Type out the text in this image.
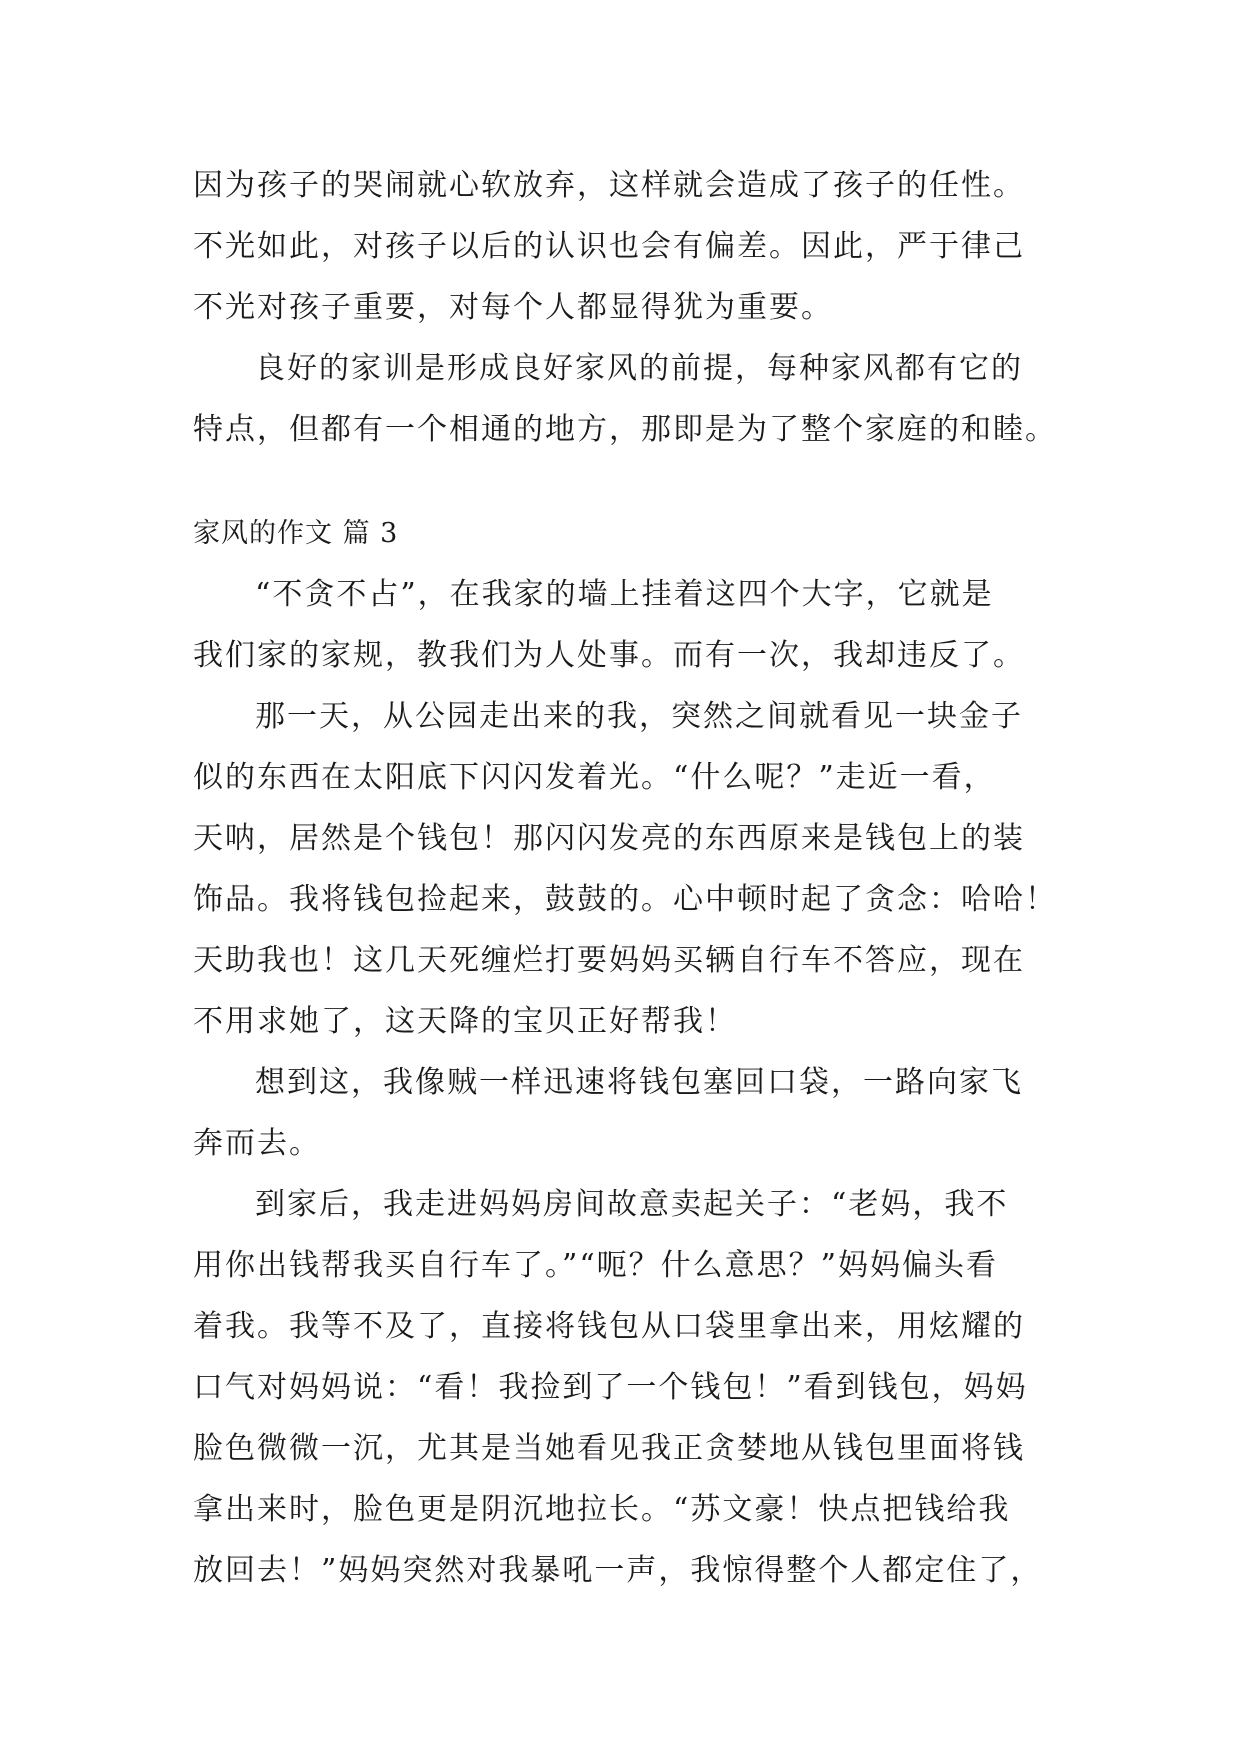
因为孩子的哭闹就心软放弃，这样就会造成了孩子的任性。
不光如此，对孩子以后的认识也会有偏差。因此，严于律己
不光对孩子重要，对每个人都显得犹为重要。
良好的家训是形成良好家风的前提，每种家风都有它的
特点，但都有一个相通的地方，那即是为了整个家庭的和睦。
家风的作文 篇 3
“不贪不占”，在我家的墙上挂着这四个大字，它就是
我们家的家规，教我们为人处事。而有一次，我却违反了。
那一天，从公园走出来的我，突然之间就看见一块金子
似的东西在太阳底下闪闪发着光。“什么呢？”走近一看，
天呐，居然是个钱包！那闪闪发亮的东西原来是钱包上的装
饰品。我将钱包捡起来，鼓鼓的。心中顿时起了贪念：哈哈！
天助我也！这几天死缠烂打要妈妈买辆自行车不答应，现在
不用求她了，这天降的宝贝正好帮我！
想到这，我像贼一样迅速将钱包塞回口袋，一路向家飞
奔而去。
到家后，我走进妈妈房间故意卖起关子：“老妈，我不
用你出钱帮我买自行车了。”“呃？什么意思？”妈妈偏头看
着我。我等不及了，直接将钱包从口袋里拿出来，用炫耀的
口气对妈妈说：“看！我捡到了一个钱包！”看到钱包，妈妈
脸色微微一沉，尤其是当她看见我正贪婪地从钱包里面将钱
拿出来时，脸色更是阴沉地拉长。“苏文豪！快点把钱给我
放回去！”妈妈突然对我暴吼一声，我惊得整个人都定住了，
